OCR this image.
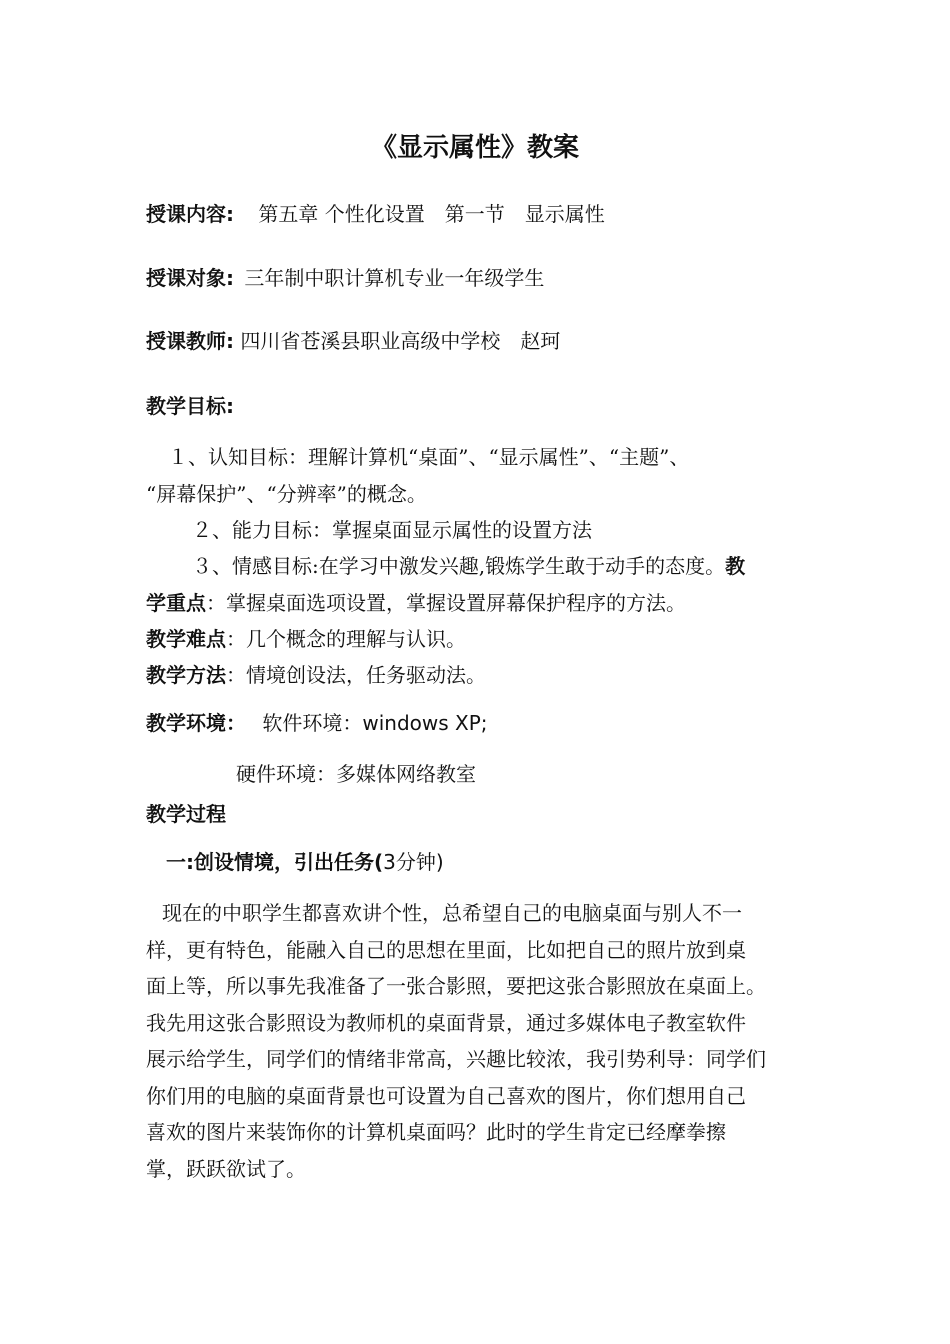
《显示属性》教案
授课内容: 第五章 个性化设置　第一节　显示属性
授课对象: 三年制中职计算机专业一年级学生
授课教师: 四川省苍溪县职业高级中学校　赵珂
教学目标:
１、认知目标：理解计算机“桌面”、“显示属性”、“主题”、
“屏幕保护”、“分辨率”的概念。
２、能力目标：掌握桌面显示属性的设置方法
３、情感目标:在学习中激发兴趣,锻炼学生敢于动手的态度。教
学重点：掌握桌面选项设置，掌握设置屏幕保护程序的方法。
教学难点：几个概念的理解与认识。
教学方法：情境创设法，任务驱动法。
教学环境： 软件环境：windows XP;
硬件环境：多媒体网络教室
教学过程
一:创设情境，引出任务(3分钟)
现在的中职学生都喜欢讲个性，总希望自己的电脑桌面与别人不一
样，更有特色，能融入自己的思想在里面，比如把自己的照片放到桌
面上等，所以事先我准备了一张合影照，要把这张合影照放在桌面上。
我先用这张合影照设为教师机的桌面背景，通过多媒体电子教室软件
展示给学生，同学们的情绪非常高，兴趣比较浓，我引势利导：同学们
你们用的电脑的桌面背景也可设置为自己喜欢的图片，你们想用自己
喜欢的图片来装饰你的计算机桌面吗？此时的学生肯定已经摩拳擦
掌，跃跃欲试了。
